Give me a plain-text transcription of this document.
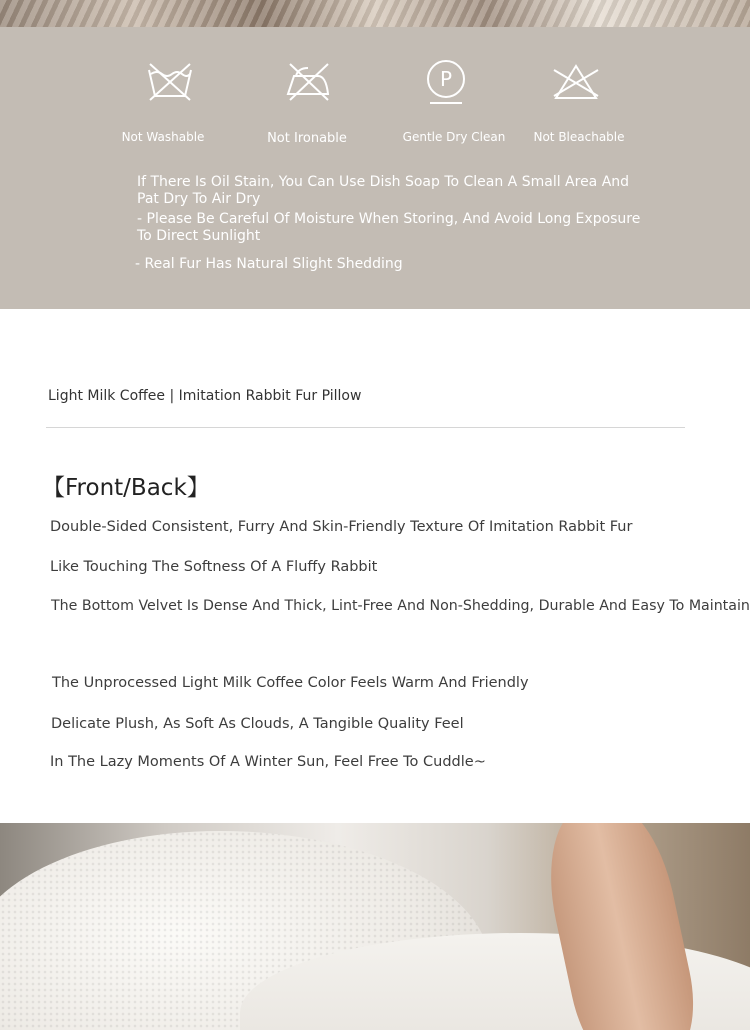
Not Washable	Not Ironable
P
Gentle Dry Clean	Not Bleachable
If There Is Oil Stain, You Can Use Dish Soap To Clean A Small Area And Pat Dry To Air Dry
- Please Be Careful Of Moisture When Storing, And Avoid Long Exposure To Direct Sunlight
- Real Fur Has Natural Slight Shedding
Light Milk Coffee | Imitation Rabbit Fur Pillow
【Front/Back】
Double-Sided Consistent, Furry And Skin-Friendly Texture Of Imitation Rabbit Fur
Like Touching The Softness Of A Fluffy Rabbit
The Bottom Velvet Is Dense And Thick, Lint-Free And Non-Shedding, Durable And Easy To Maintain
The Unprocessed Light Milk Coffee Color Feels Warm And Friendly
Delicate Plush, As Soft As Clouds, A Tangible Quality Feel
In The Lazy Moments Of A Winter Sun, Feel Free To Cuddle~
